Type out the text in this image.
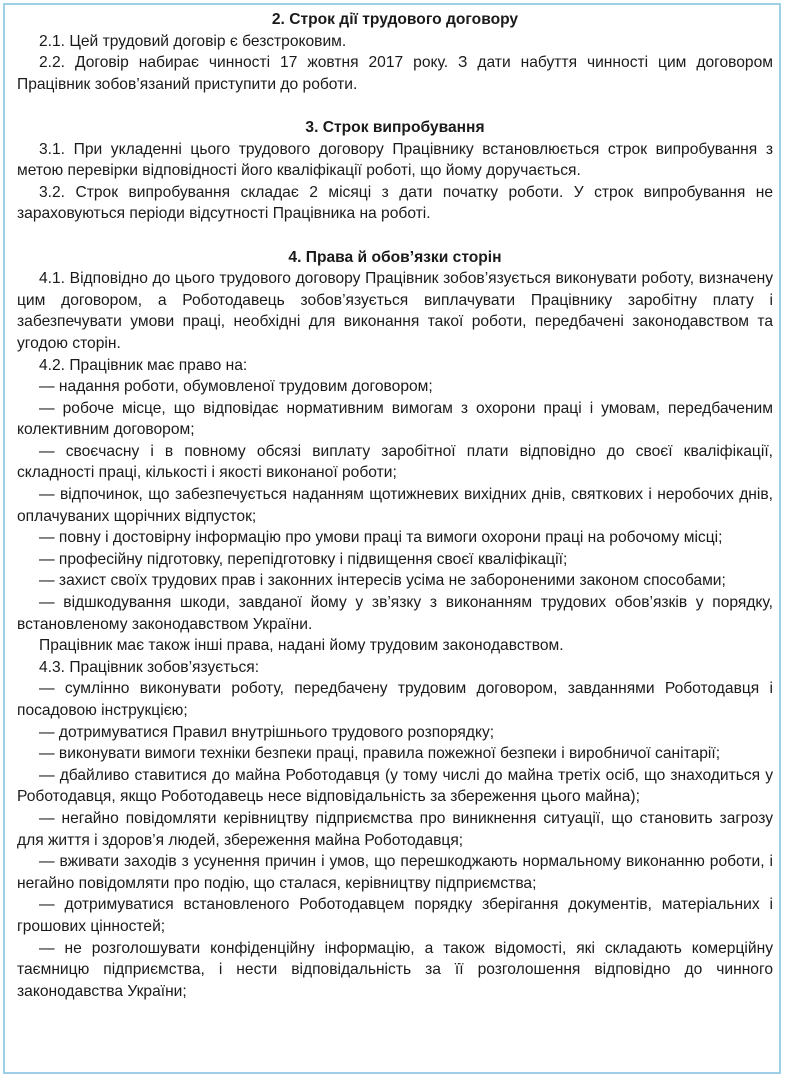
2. Строк дії трудового договору

2.1. Цей трудовий договір є безстроковим.

2.2. Договір набирає чинності 17 жовтня 2017 року. З дати набуття чинності цим договором Працівник зобов’язаний приступити до роботи.

3. Строк випробування

3.1. При укладенні цього трудового договору Працівнику встановлюється строк випробування з метою перевірки відповідності його кваліфікації роботі, що йому доручається.

3.2. Строк випробування складає 2 місяці з дати початку роботи. У строк випробування не зараховуються періоди відсутності Працівника на роботі.

4. Права й обов’язки сторін

4.1. Відповідно до цього трудового договору Працівник зобов’язується виконувати роботу, визначену цим договором, а Роботодавець зобов’язується виплачувати Працівнику заробітну плату і забезпечувати умови праці, необхідні для виконання такої роботи, передбачені законодавством та угодою сторін.

4.2. Працівник має право на:

— надання роботи, обумовленої трудовим договором;

— робоче місце, що відповідає нормативним вимогам з охорони праці і умовам, передбаченим колективним договором;

— своєчасну і в повному обсязі виплату заробітної плати відповідно до своєї кваліфікації, складності праці, кількості і якості виконаної роботи;

— відпочинок, що забезпечується наданням щотижневих вихідних днів, святкових і неробочих днів, оплачуваних щорічних відпусток;

— повну і достовірну інформацію про умови праці та вимоги охорони праці на робочому місці;

— професійну підготовку, перепідготовку і підвищення своєї кваліфікації;

— захист своїх трудових прав і законних інтересів усіма не забороненими законом способами;

— відшкодування шкоди, завданої йому у зв’язку з виконанням трудових обов’язків у порядку, встановленому законодавством України.

Працівник має також інші права, надані йому трудовим законодавством.

4.3. Працівник зобов’язується:

— сумлінно виконувати роботу, передбачену трудовим договором, завданнями Роботодавця і посадовою інструкцією;

— дотримуватися Правил внутрішнього трудового розпорядку;

— виконувати вимоги техніки безпеки праці, правила пожежної безпеки і виробничої санітарії;

— дбайливо ставитися до майна Роботодавця (у тому числі до майна третіх осіб, що знаходиться у Роботодавця, якщо Роботодавець несе відповідальність за збереження цього майна);

— негайно повідомляти керівництву підприємства про виникнення ситуації, що становить загрозу для життя і здоров’я людей, збереження майна Роботодавця;

— вживати заходів з усунення причин і умов, що перешкоджають нормальному виконанню роботи, і негайно повідомляти про подію, що сталася, керівництву підприємства;

— дотримуватися встановленого Роботодавцем порядку зберігання документів, матеріальних і грошових цінностей;

— не розголошувати конфіденційну інформацію, а також відомості, які складають комерційну таємницю підприємства, і нести відповідальність за її розголошення відповідно до чинного законодавства України;
